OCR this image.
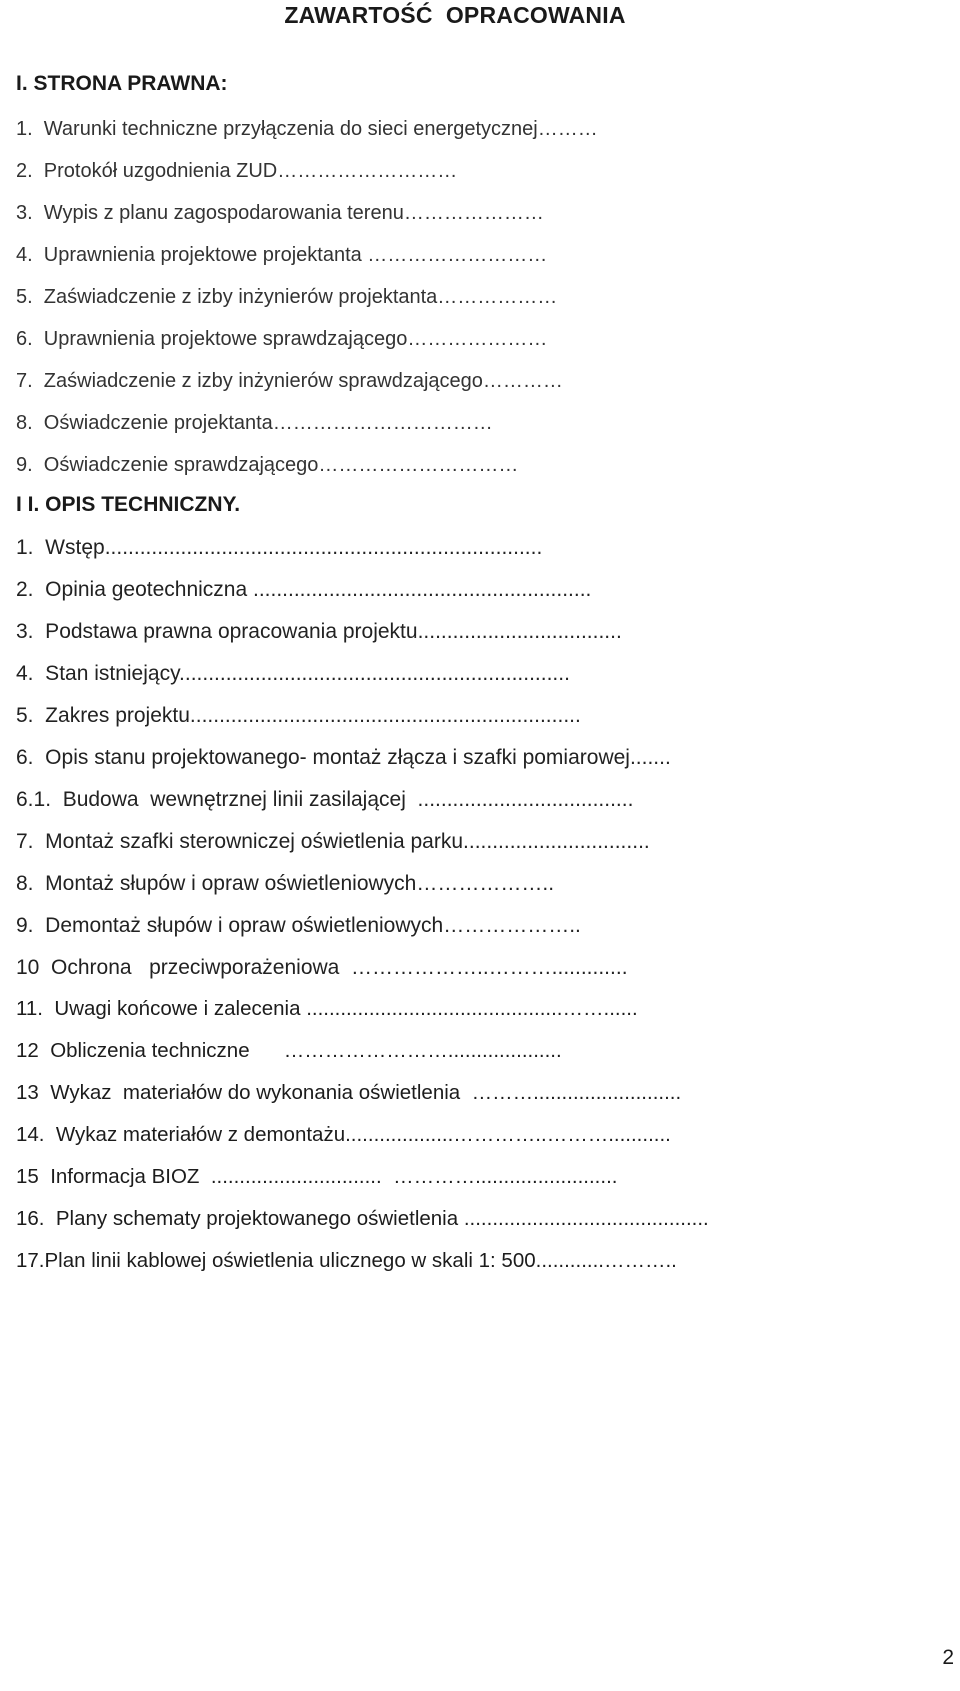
ZAWARTOŚĆ  OPRACOWANIA
I. STRONA PRAWNA:
1.  Warunki techniczne przyłączenia do sieci energetycznej………
2.  Protokół uzgodnienia ZUD………………………
3.  Wypis z planu zagospodarowania terenu…………………
4.  Uprawnienia projektowe projektanta ………………………
5.  Zaświadczenie z izby inżynierów projektanta………………
6.  Uprawnienia projektowe sprawdzającego…………………
7.  Zaświadczenie z izby inżynierów sprawdzającego…………
8.  Oświadczenie projektanta……………………………
9.  Oświadczenie sprawdzającego…………………………
I I. OPIS TECHNICZNY.
1.  Wstęp...........................................................................
2.  Opinia geotechniczna ..........................................................
3.  Podstawa prawna opracowania projektu...................................
4.  Stan istniejący...................................................................
5.  Zakres projektu...................................................................
6.  Opis stanu projektowanego- montaż złącza i szafki pomiarowej.......
6.1.  Budowa  wewnętrznej linii zasilającej  .....................................
7.  Montaż szafki sterowniczej oświetlenia parku................................
8.  Montaż słupów i opraw oświetleniowych………………..
9.  Demontaż słupów i opraw oświetleniowych………………..
10  Ochrona   przeciwporażeniowa  ………………..……….............
11.  Uwagi końcowe i zalecenia .............................................……......
12  Obliczenia techniczne      ……………………....................
13  Wykaz  materiałów do wykonania oświetlenia  ………..........................
14.  Wykaz materiałów z demontażu...................…………..………...........
15  Informacja BIOZ  ..............................  ………….........................
16.  Plany schematy projektowanego oświetlenia ...........................................
17.Plan linii kablowej oświetlenia ulicznego w skali 1: 500............………..
2
